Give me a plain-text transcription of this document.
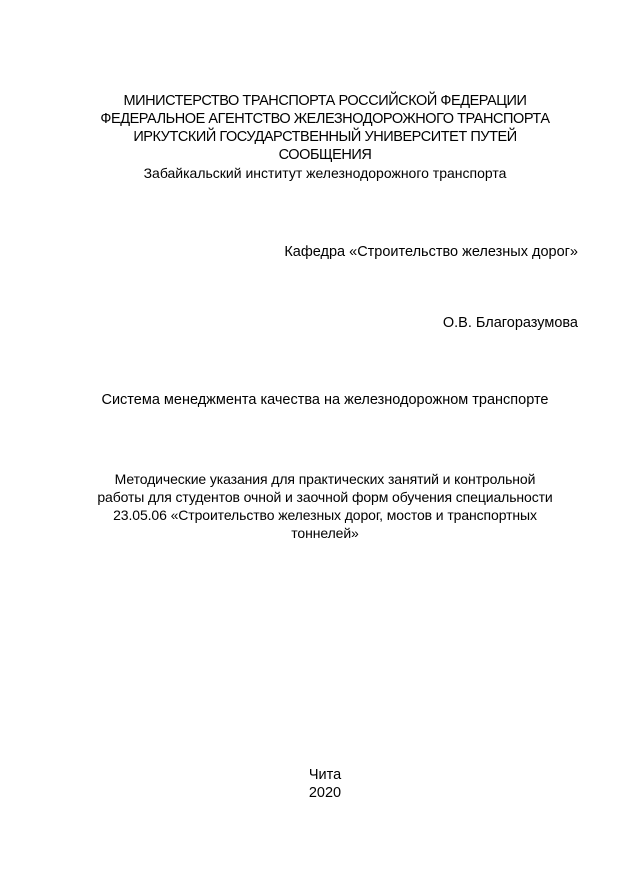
МИНИСТЕРСТВО ТРАНСПОРТА РОССИЙСКОЙ ФЕДЕРАЦИИ
ФЕДЕРАЛЬНОЕ АГЕНТСТВО ЖЕЛЕЗНОДОРОЖНОГО ТРАНСПОРТА
ИРКУТСКИЙ ГОСУДАРСТВЕННЫЙ УНИВЕРСИТЕТ ПУТЕЙ
СООБЩЕНИЯ
Забайкальский институт железнодорожного транспорта
Кафедра «Строительство железных дорог»
О.В. Благоразумова
Система менеджмента качества на железнодорожном транспорте
Методические указания для практических занятий и контрольной
работы для студентов очной и заочной форм обучения специальности
23.05.06 «Строительство железных дорог, мостов и транспортных
тоннелей»
Чита
2020
